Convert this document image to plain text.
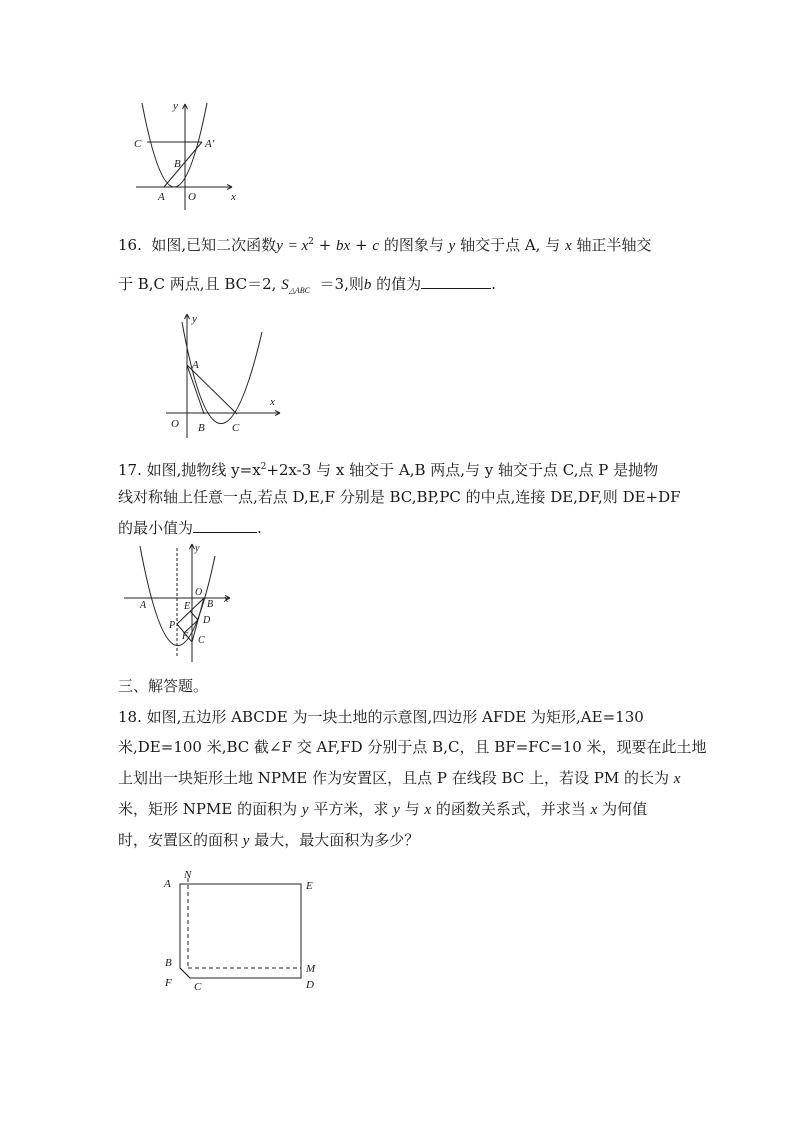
y
x
C	A′
B
A O
16. 如图,已知二次函数$y = x^2$ + bx + c 的图象与 y 轴交于点 A, 与 x 轴正半轴交
于 B,C 两点,且 BC＝2, $S_{\triangle ABC} =3$,则b 的值为	.
y
A
x
O B C
17. 如图,抛物线 $y=x^2+2x-3$ 与 x 轴交于 A,B 两点,与 y 轴交于点 C,点 P 是抛物
线对称轴上任意一点,若点 D,E,F 分别是 BC,BP,PC 的中点,连接 DE,DF,则 DE+DF
的最小值为	.
y
O
x
A	E B
D
P
F C
三、解答题。
18. 如图,五边形 ABCDE 为一块土地的示意图,四边形 AFDE 为矩形,AE=130
米,DE=100 米,BC 截∠F 交 AF,FD 分别于点 B,C，且 BF=FC=10 米，现要在此土地
上划出一块矩形土地 NPME 作为安置区，且点 P 在线段 BC 上，若设 PM 的长为 x
米，矩形 NPME 的面积为 y 平方米，求 y 与 x 的函数关系式，并求当 x 为何值
时，安置区的面积 y 最大，最大面积为多少？
A
N
E
B	M
F C	D
